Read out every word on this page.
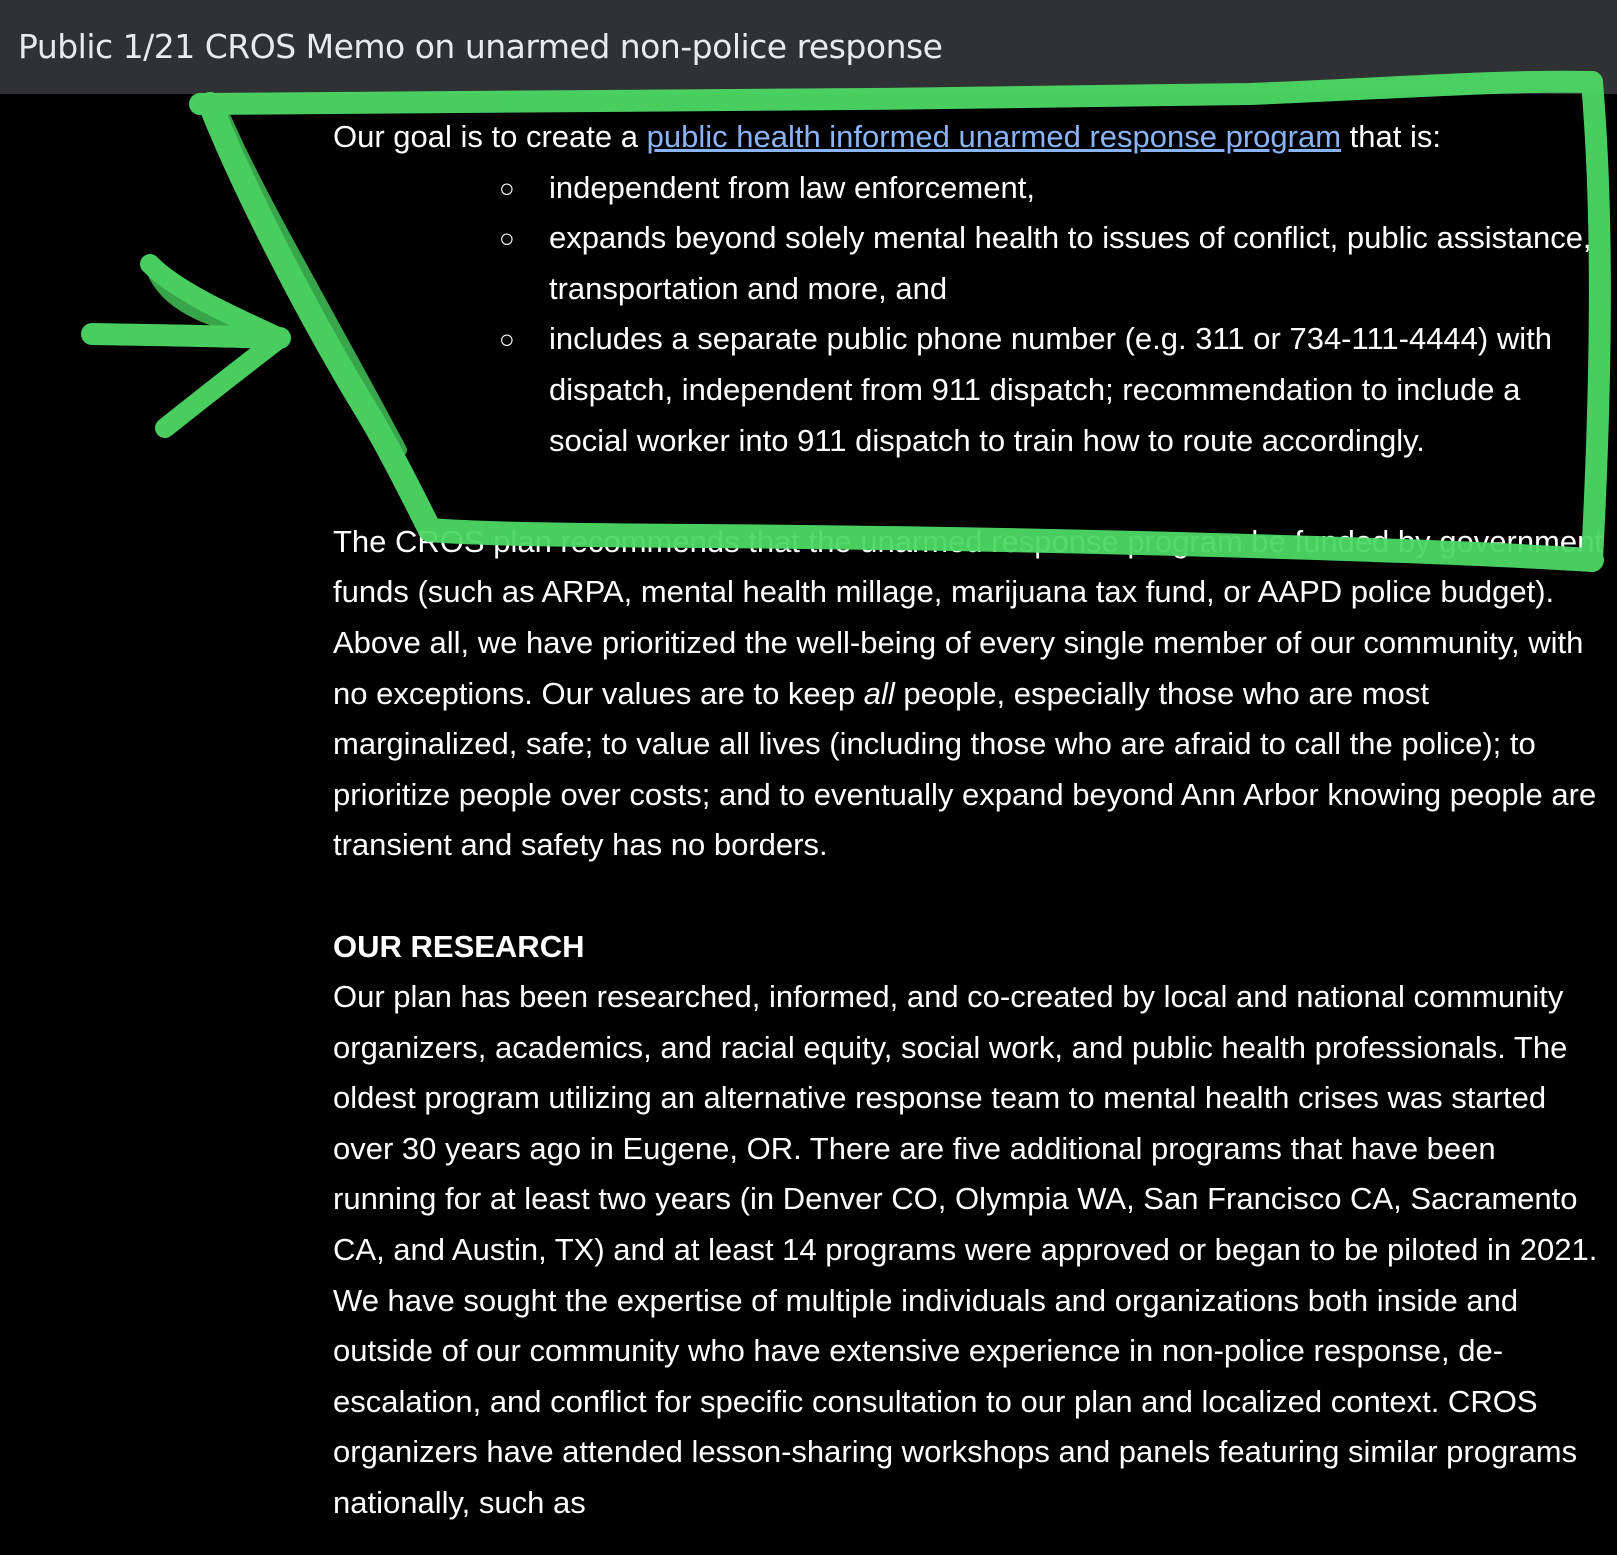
Public 1/21 CROS Memo on unarmed non-police response

Our goal is to create a public health informed unarmed response program that is:

○ independent from law enforcement,
○ expands beyond solely mental health to issues of conflict, public assistance, transportation and more, and
○ includes a separate public phone number (e.g. 311 or 734-111-4444) with dispatch, independent from 911 dispatch; recommendation to include a social worker into 911 dispatch to train how to route accordingly.

The CROS plan recommends that the unarmed response program be funded by government funds (such as ARPA, mental health millage, marijuana tax fund, or AAPD police budget). Above all, we have prioritized the well-being of every single member of our community, with no exceptions. Our values are to keep all people, especially those who are most marginalized, safe; to value all lives (including those who are afraid to call the police); to prioritize people over costs; and to eventually expand beyond Ann Arbor knowing people are transient and safety has no borders.

OUR RESEARCH

Our plan has been researched, informed, and co-created by local and national community organizers, academics, and racial equity, social work, and public health professionals. The oldest program utilizing an alternative response team to mental health crises was started over 30 years ago in Eugene, OR. There are five additional programs that have been running for at least two years (in Denver CO, Olympia WA, San Francisco CA, Sacramento CA, and Austin, TX) and at least 14 programs were approved or began to be piloted in 2021. We have sought the expertise of multiple individuals and organizations both inside and outside of our community who have extensive experience in non-police response, de-escalation, and conflict for specific consultation to our plan and localized context. CROS organizers have attended lesson-sharing workshops and panels featuring similar programs nationally, such as
